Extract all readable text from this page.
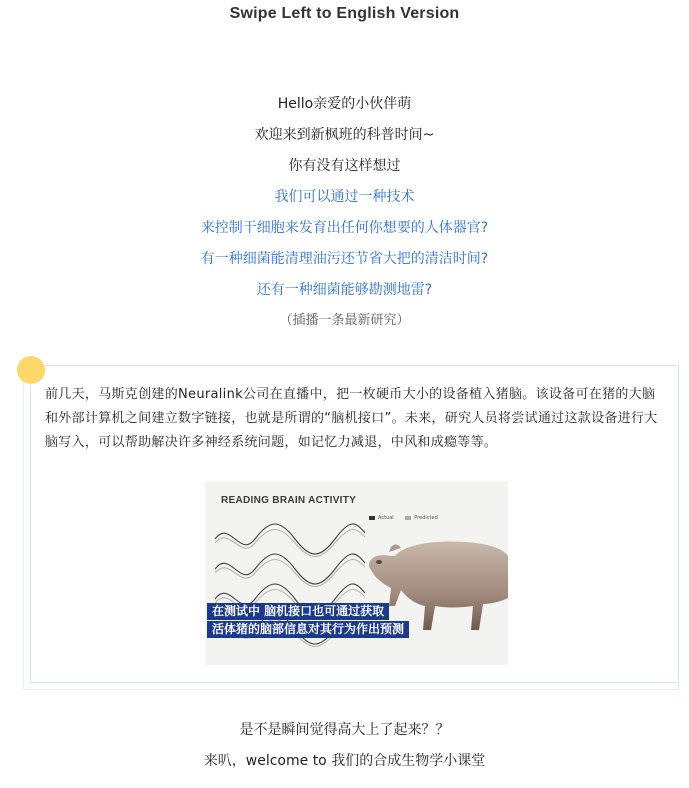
Swipe Left to English Version
Hello亲爱的小伙伴萌
欢迎来到新枫班的科普时间~
你有没有这样想过
我们可以通过一种技术
来控制干细胞来发育出任何你想要的人体器官?
有一种细菌能清理油污还节省大把的清洁时间?
还有一种细菌能够勘测地雷?
（插播一条最新研究）
前几天，马斯克创建的Neuralink公司在直播中，把一枚硬币大小的设备植入猪脑。该设备可在猪的大脑和外部计算机之间建立数字链接，也就是所谓的“脑机接口”。未来，研究人员将尝试通过这款设备进行大脑写入，可以帮助解决许多神经系统问题，如记忆力减退，中风和成瘾等等。
READING BRAIN ACTIVITY
Actual	Predicted
在测试中 脑机接口也可通过获取
活体猪的脑部信息对其行为作出预测
是不是瞬间觉得高大上了起来？？
来叭，welcome to 我们的合成生物学小课堂
